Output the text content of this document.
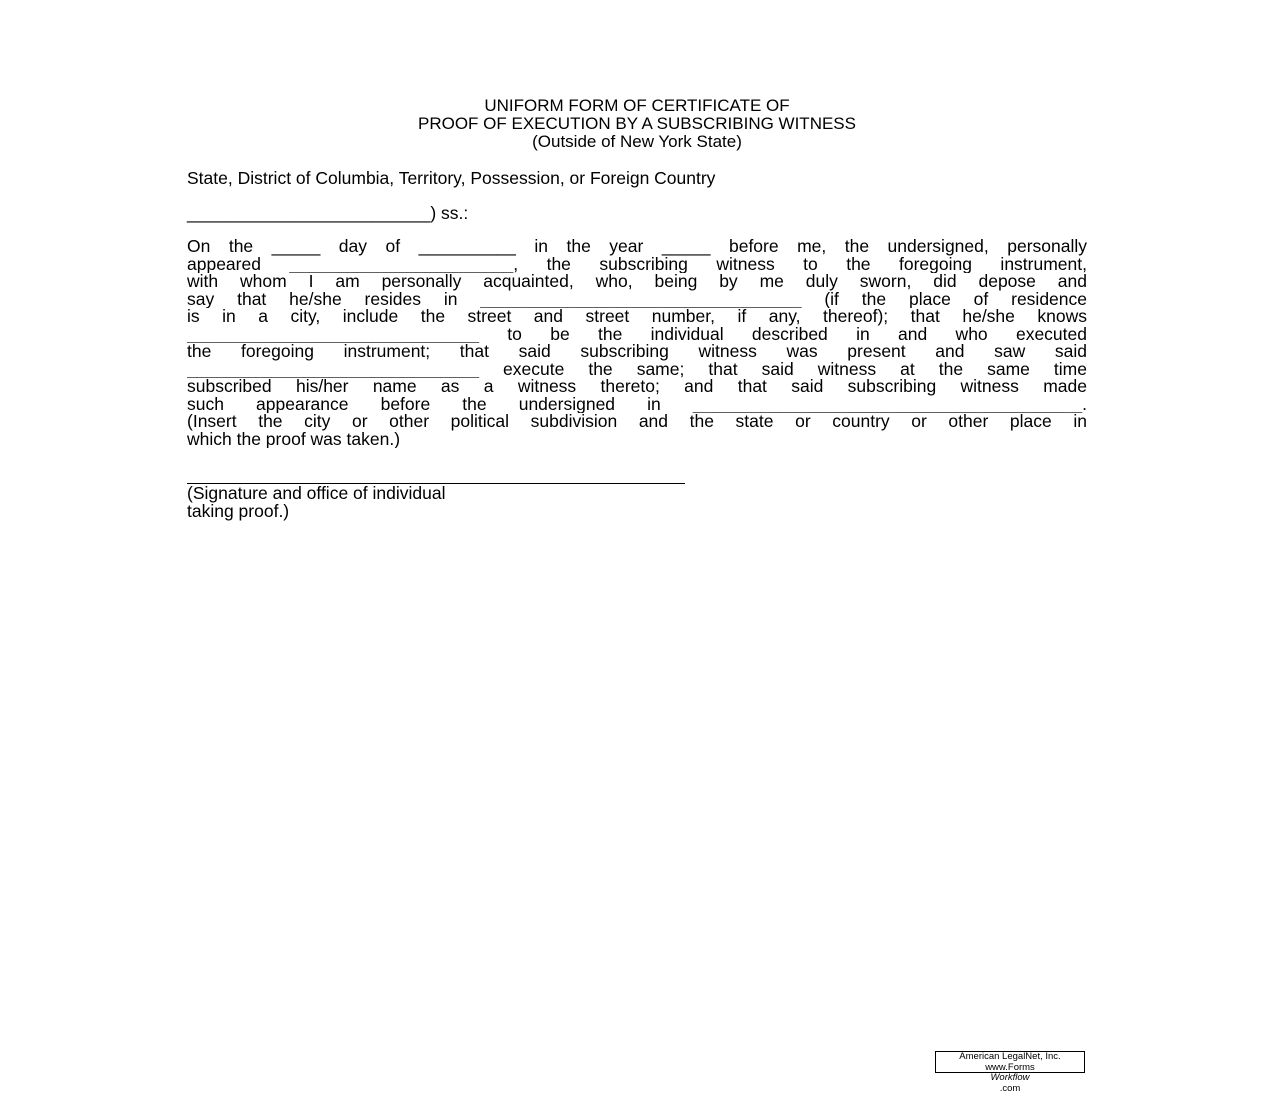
UNIFORM FORM OF CERTIFICATE OF
PROOF OF EXECUTION BY A SUBSCRIBING WITNESS
(Outside of New York State)
State, District of Columbia, Territory, Possession, or Foreign Country
_________________________) ss.:
On the _____ day of __________ in the year _____ before me, the undersigned, personally
appeared _______________________, the subscribing witness to the foregoing instrument,
with whom I am personally acquainted, who, being by me duly sworn, did depose and
say that he/she resides in _________________________________ (if the place of residence
is in a city, include the street and street number, if any, thereof); that he/she knows
______________________________ to be the individual described in and who executed
the foregoing instrument; that said subscribing witness was present and saw said
______________________________ execute the same; that said witness at the same time
subscribed his/her name as a witness thereto; and that said subscribing witness made
such appearance before the undersigned in ________________________________________.
(Insert the city or other political subdivision and the state or country or other place in
which the proof was taken.)
(Signature and office of individual
taking proof.)
American LegalNet, Inc.
www.Forms
Workflow
.com
